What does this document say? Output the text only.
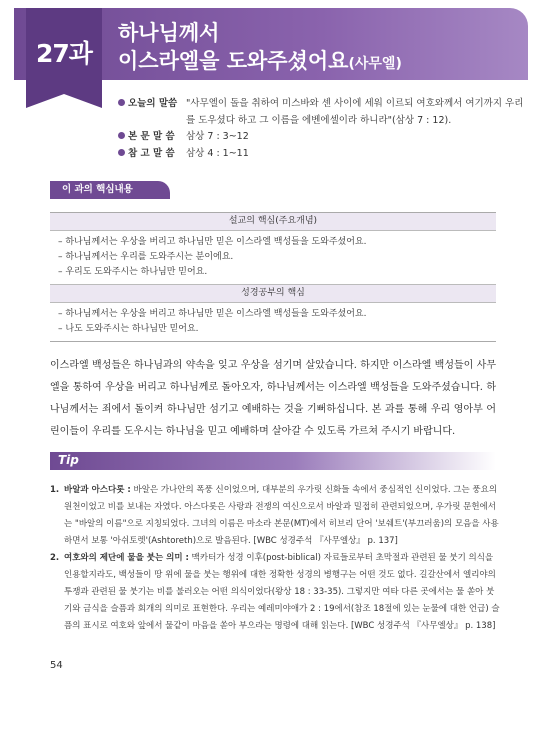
27과
하나님께서
이스라엘을 도와주셨어요(사무엘)
오늘의 말씀 "사무엘이 돌을 취하여 미스바와 센 사이에 세워 이르되 여호와께서 여기까지 우리를 도우셨다 하고 그 이름을 에벤에셀이라 하니라"(삼상 7 : 12).
본 문 말 씀 삼상 7 : 3~12
참 고 말 씀 삼상 4 : 1~11
이 과의 핵심내용
설교의 핵심(주요개념)
– 하나님께서는 우상을 버리고 하나님만 믿은 이스라엘 백성들을 도와주셨어요.
– 하나님께서는 우리를 도와주시는 분이에요.
– 우리도 도와주시는 하나님만 믿어요.
성경공부의 핵심
– 하나님께서는 우상을 버리고 하나님만 믿은 이스라엘 백성들을 도와주셨어요.
– 나도 도와주시는 하나님만 믿어요.

이스라엘 백성들은 하나님과의 약속을 잊고 우상을 섬기며 살았습니다. 하지만 이스라엘 백성들이 사무엘을 통하여 우상을 버리고 하나님께로 돌아오자, 하나님께서는 이스라엘 백성들을 도와주셨습니다. 하나님께서는 죄에서 돌이켜 하나님만 섬기고 예배하는 것을 기뻐하십니다. 본 과를 통해 우리 영아부 어린이들이 우리를 도우시는 하나님을 믿고 예배하며 살아갈 수 있도록 가르쳐 주시기 바랍니다.

Tip
1. 바알과 아스다롯 : 바알은 가나안의 폭풍 신이었으며, 대부분의 우가릿 신화들 속에서 중심적인 신이었다. 그는 풍요의 원천이었고 비를 보내는 자였다. 아스다롯은 사랑과 전쟁의 여신으로서 바알과 밀접히 관련되었으며, 우가릿 문헌에서는 "바알의 이름"으로 지칭되었다. 그녀의 이름은 마소라 본문(MT)에서 히브리 단어 '보쉐트'(부끄러움)의 모음을 사용하면서 보통 '아쉬토렛'(Ashtoreth)으로 발음된다. [WBC 성경주석 『사무엘상』 p. 137]
2. 여호와의 제단에 물을 붓는 의미 : 맥카터가 성경 이후(post-biblical) 자료들로부터 초막절과 관련된 물 붓기 의식을 인용할지라도, 백성들이 땅 위에 물을 붓는 행위에 대한 정확한 성경의 병행구는 어떤 것도 없다. 길갈산에서 엘리야의 투쟁과 관련된 물 붓기는 비를 불러오는 어떤 의식이었다(왕상 18 : 33-35). 그렇지만 여타 다른 곳에서는 물 쏟아 붓기와 금식을 슬픔과 회개의 의미로 표현한다. 우리는 예레미야애가 2 : 19에서(참조 18절에 있는 눈물에 대한 언급) 슬픔의 표시로 여호와 앞에서 물같이 마음을 쏟아 부으라는 명령에 대해 읽는다. [WBC 성경주석 『사무엘상』 p. 138]
54
